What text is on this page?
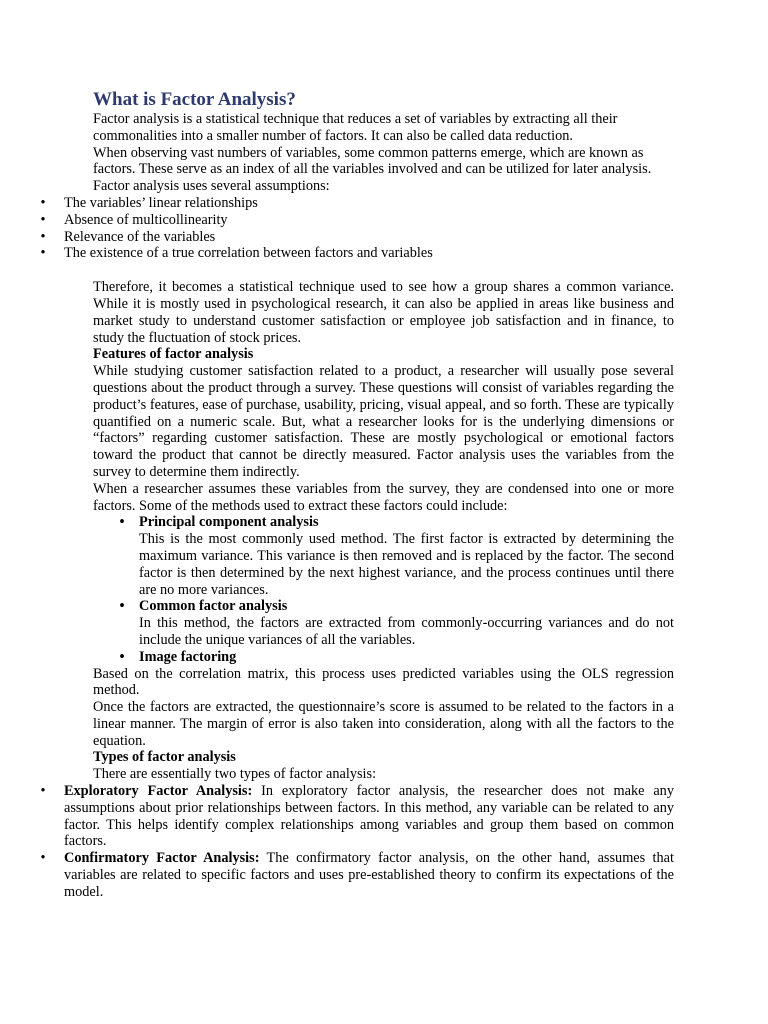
What is Factor Analysis?

Factor analysis is a statistical technique that reduces a set of variables by extracting all their commonalities into a smaller number of factors. It can also be called data reduction.

When observing vast numbers of variables, some common patterns emerge, which are known as factors. These serve as an index of all the variables involved and can be utilized for later analysis.

Factor analysis uses several assumptions:

• The variables’ linear relationships
• Absence of multicollinearity
• Relevance of the variables
• The existence of a true correlation between factors and variables

Therefore, it becomes a statistical technique used to see how a group shares a common variance. While it is mostly used in psychological research, it can also be applied in areas like business and market study to understand customer satisfaction or employee job satisfaction and in finance, to study the fluctuation of stock prices.

Features of factor analysis

While studying customer satisfaction related to a product, a researcher will usually pose several questions about the product through a survey. These questions will consist of variables regarding the product’s features, ease of purchase, usability, pricing, visual appeal, and so forth. These are typically quantified on a numeric scale. But, what a researcher looks for is the underlying dimensions or “factors” regarding customer satisfaction. These are mostly psychological or emotional factors toward the product that cannot be directly measured. Factor analysis uses the variables from the survey to determine them indirectly.

When a researcher assumes these variables from the survey, they are condensed into one or more factors. Some of the methods used to extract these factors could include:

• Principal component analysis
This is the most commonly used method. The first factor is extracted by determining the maximum variance. This variance is then removed and is replaced by the factor. The second factor is then determined by the next highest variance, and the process continues until there are no more variances.
• Common factor analysis
In this method, the factors are extracted from commonly-occurring variances and do not include the unique variances of all the variables.
• Image factoring

Based on the correlation matrix, this process uses predicted variables using the OLS regression method.

Once the factors are extracted, the questionnaire’s score is assumed to be related to the factors in a linear manner. The margin of error is also taken into consideration, along with all the factors to the equation.

Types of factor analysis

There are essentially two types of factor analysis:

• Exploratory Factor Analysis: In exploratory factor analysis, the researcher does not make any assumptions about prior relationships between factors. In this method, any variable can be related to any factor. This helps identify complex relationships among variables and group them based on common factors.
• Confirmatory Factor Analysis: The confirmatory factor analysis, on the other hand, assumes that variables are related to specific factors and uses pre-established theory to confirm its expectations of the model.
